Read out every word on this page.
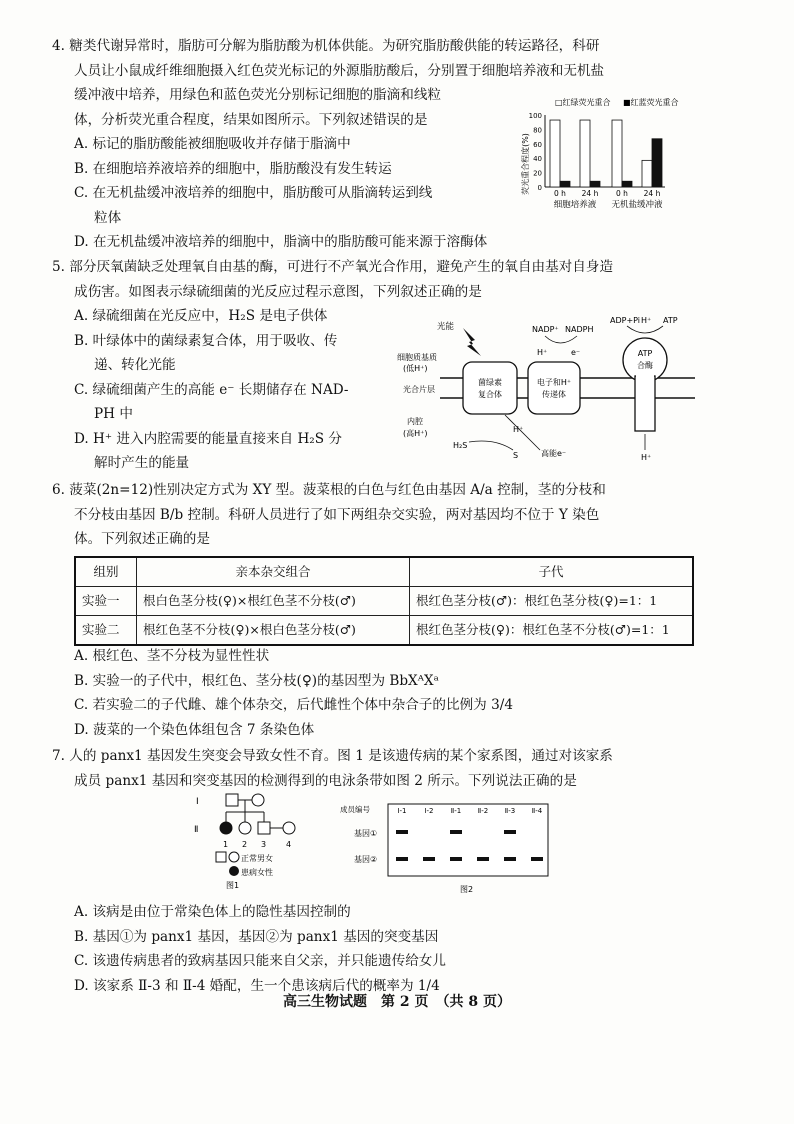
4. 糖类代谢异常时，脂肪可分解为脂肪酸为机体供能。为研究脂肪酸供能的转运路径，科研

人员让小鼠成纤维细胞摄入红色荧光标记的外源脂肪酸后，分别置于细胞培养液和无机盐

缓冲液中培养，用绿色和蓝色荧光分别标记细胞的脂滴和线粒

体，分析荧光重合程度，结果如图所示。下列叙述错误的是

A. 标记的脂肪酸能被细胞吸收并存储于脂滴中

B. 在细胞培养液培养的细胞中，脂肪酸没有发生转运

C. 在无机盐缓冲液培养的细胞中，脂肪酸可从脂滴转运到线

粒体

D. 在无机盐缓冲液培养的细胞中，脂滴中的脂肪酸可能来源于溶酶体

□红绿荧光重合 ■红蓝荧光重合
荧光重合程度(%)
100
80
60
40
20
0
0 h 24 h 0 h 24 h
细胞培养液 无机盐缓冲液

5. 部分厌氧菌缺乏处理氧自由基的酶，可进行不产氧光合作用，避免产生的氧自由基对自身造

成伤害。如图表示绿硫细菌的光反应过程示意图，下列叙述正确的是

A. 绿硫细菌在光反应中，H₂S 是电子供体

B. 叶绿体中的菌绿素复合体，用于吸收、传

递、转化光能

C. 绿硫细菌产生的高能 e⁻ 长期储存在 NAD-

PH 中

D. H⁺ 进入内腔需要的能量直接来自 H₂S 分

解时产生的能量

细胞质基质
(低H⁺)
光合片层
内腔
(高H⁺)
光能
菌绿素
复合体
电子和H⁺
传递体
ATP
合酶
ADP+Pi H⁺ ATP
H⁺
NADP⁺ NADPH
H⁺	e⁻
H₂S
S
H⁺
高能e⁻

6. 菠菜(2n=12)性别决定方式为 XY 型。菠菜根的白色与红色由基因 A/a 控制，茎的分枝和

不分枝由基因 B/b 控制。科研人员进行了如下两组杂交实验，两对基因均不位于 Y 染色

体。下列叙述正确的是

组别	亲本杂交组合	子代
实验一	根白色茎分枝(♀)×根红色茎不分枝(♂)	根红色茎分枝(♂)：根红色茎分枝(♀)=1：1
实验二	根红色茎不分枝(♀)×根白色茎分枝(♂)	根红色茎分枝(♀)：根红色茎不分枝(♂)=1：1

A. 根红色、茎不分枝为显性性状

B. 实验一的子代中，根红色、茎分枝(♀)的基因型为 BbXᴬXᵃ

C. 若实验二的子代雌、雄个体杂交，后代雌性个体中杂合子的比例为 3/4

D. 菠菜的一个染色体组包含 7 条染色体

7. 人的 panx1 基因发生突变会导致女性不育。图 1 是该遗传病的某个家系图，通过对该家系

成员 panx1 基因和突变基因的检测得到的电泳条带如图 2 所示。下列说法正确的是

I
Ⅱ
1 2 3 4
正常男女
患病女性
图1
成员编号	Ⅰ-1	Ⅰ-2 Ⅱ-1 Ⅱ-2 Ⅱ-3 Ⅱ-4
基因①
基因②
图2

A. 该病是由位于常染色体上的隐性基因控制的

B. 基因①为 panx1 基因，基因②为 panx1 基因的突变基因

C. 该遗传病患者的致病基因只能来自父亲，并只能遗传给女儿

D. 该家系 Ⅱ-3 和 Ⅱ-4 婚配，生一个患该病后代的概率为 1/4

高三生物试题　第 2 页　（共 8 页）
